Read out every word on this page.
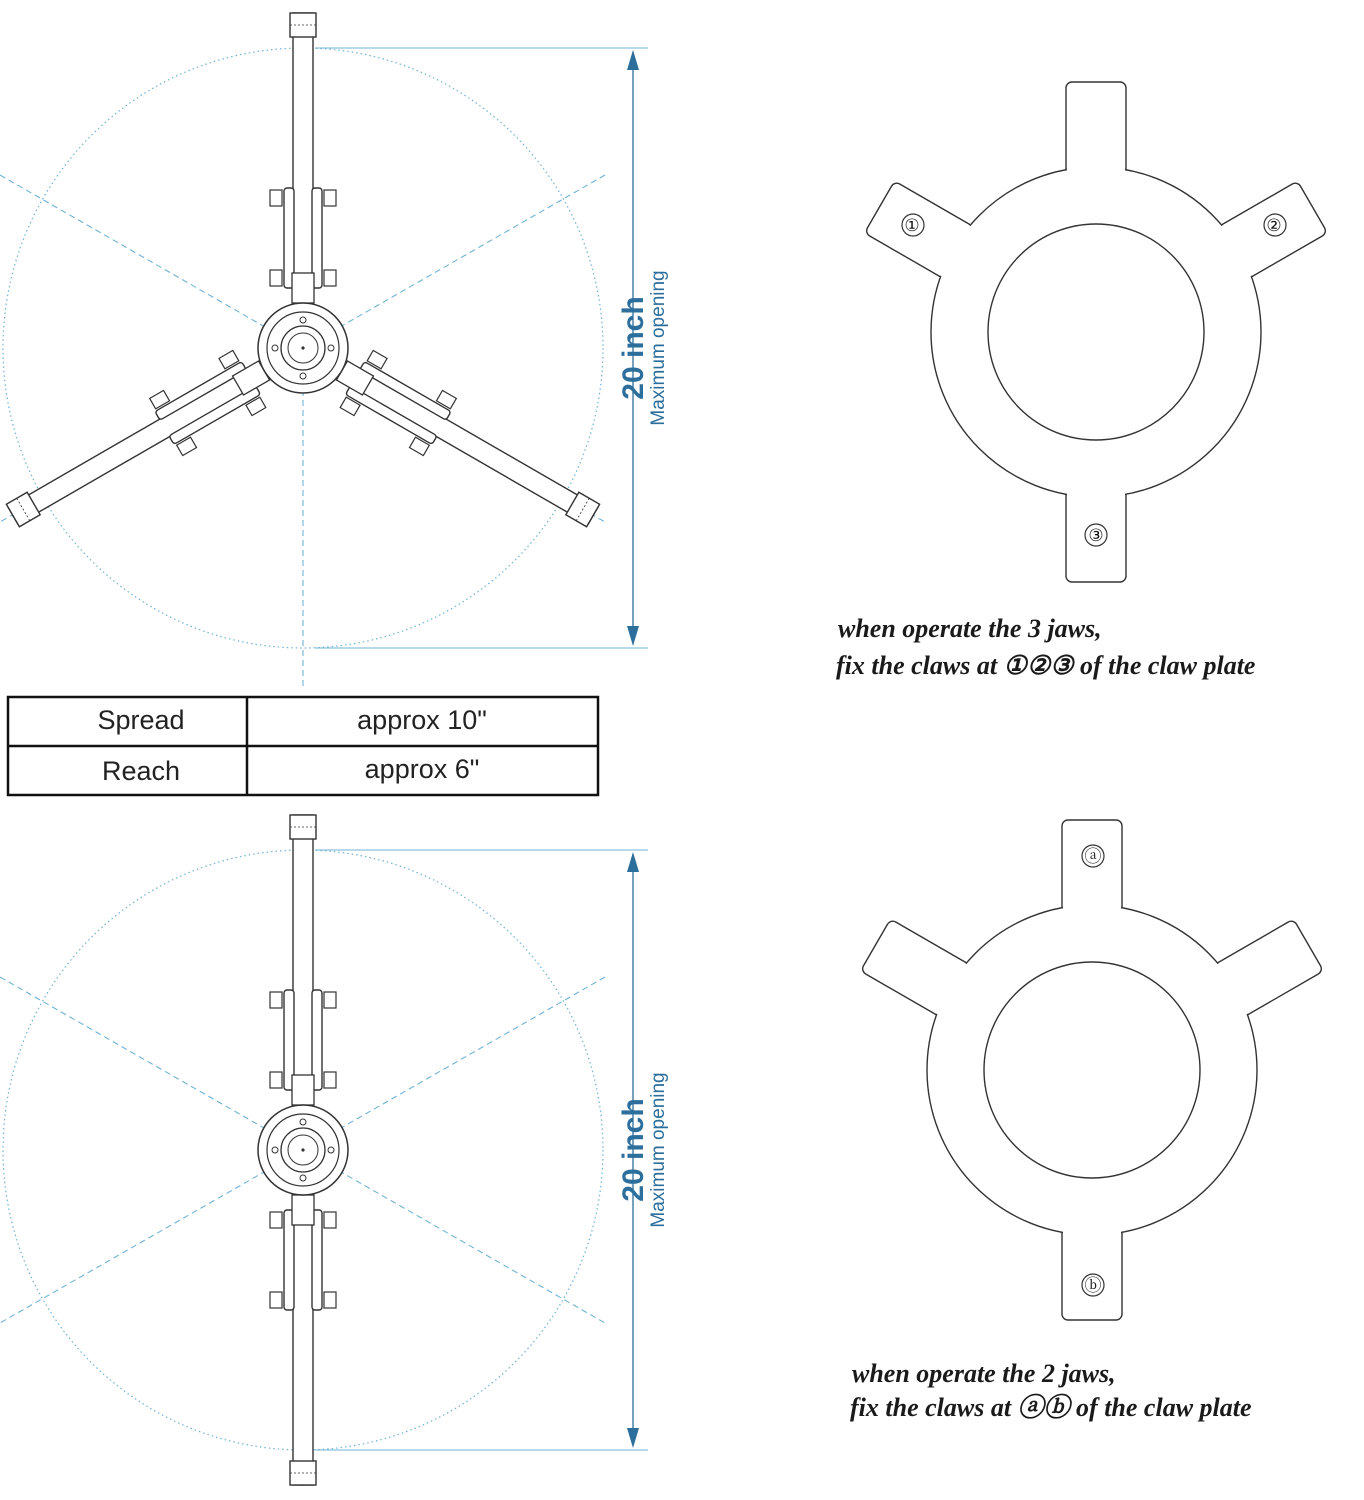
20 inch
Maximum opening
Spread	approx 10"
Reach	approx 6"
20 inch
Maximum opening
①	②
③
when operate the 3 jaws,
fix the claws at ①②③ of the claw plate
ⓐ
ⓑ
when operate the 2 jaws,
fix the claws at ⓐⓑ of the claw plate
